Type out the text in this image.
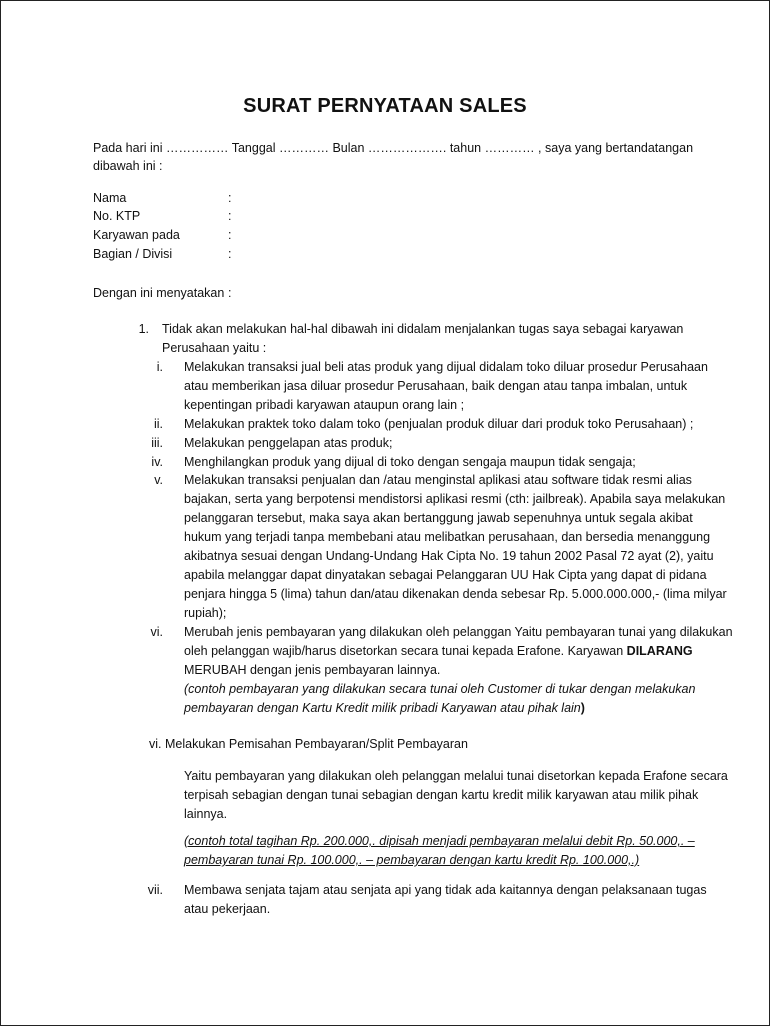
SURAT PERNYATAAN SALES
Pada hari ini …………… Tanggal ………… Bulan ………………. tahun ………… , saya yang bertandatangan
dibawah ini :
Nama	:
No. KTP	:
Karyawan pada	:
Bagian / Divisi	:
Dengan ini menyatakan :
1. Tidak akan melakukan hal-hal dibawah ini didalam menjalankan tugas saya sebagai karyawan
Perusahaan yaitu :
i. Melakukan transaksi jual beli atas produk yang dijual didalam toko diluar prosedur Perusahaan
atau memberikan jasa diluar prosedur Perusahaan, baik dengan atau tanpa imbalan, untuk
kepentingan pribadi karyawan ataupun orang lain ;
ii. Melakukan praktek toko dalam toko (penjualan produk diluar dari produk toko Perusahaan) ;
iii. Melakukan penggelapan atas produk;
iv. Menghilangkan produk yang dijual di toko dengan sengaja maupun tidak sengaja;
v. Melakukan transaksi penjualan dan /atau menginstal aplikasi atau software tidak resmi alias
bajakan, serta yang berpotensi mendistorsi aplikasi resmi (cth: jailbreak). Apabila saya melakukan
pelanggaran tersebut, maka saya akan bertanggung jawab sepenuhnya untuk segala akibat
hukum yang terjadi tanpa membebani atau melibatkan perusahaan, dan bersedia menanggung
akibatnya sesuai dengan Undang-Undang Hak Cipta No. 19 tahun 2002 Pasal 72 ayat (2), yaitu
apabila melanggar dapat dinyatakan sebagai Pelanggaran UU Hak Cipta yang dapat di pidana
penjara hingga 5 (lima) tahun dan/atau dikenakan denda sebesar Rp. 5.000.000.000,- (lima milyar
rupiah);
vi. Merubah jenis pembayaran yang dilakukan oleh pelanggan Yaitu pembayaran tunai yang dilakukan
oleh pelanggan wajib/harus disetorkan secara tunai kepada Erafone. Karyawan DILARANG
MERUBAH dengan jenis pembayaran lainnya.
(contoh pembayaran yang dilakukan secara tunai oleh Customer di tukar dengan melakukan
pembayaran dengan Kartu Kredit milik pribadi Karyawan atau pihak lain)
vi. Melakukan Pemisahan Pembayaran/Split Pembayaran
Yaitu pembayaran yang dilakukan oleh pelanggan melalui tunai disetorkan kepada Erafone secara
terpisah sebagian dengan tunai sebagian dengan kartu kredit milik karyawan atau milik pihak
lainnya.
(contoh total tagihan Rp. 200.000,. dipisah menjadi pembayaran melalui debit Rp. 50.000,. –
pembayaran tunai Rp. 100.000,. – pembayaran dengan kartu kredit Rp. 100.000,.)
vii. Membawa senjata tajam atau senjata api yang tidak ada kaitannya dengan pelaksanaan tugas
atau pekerjaan.
